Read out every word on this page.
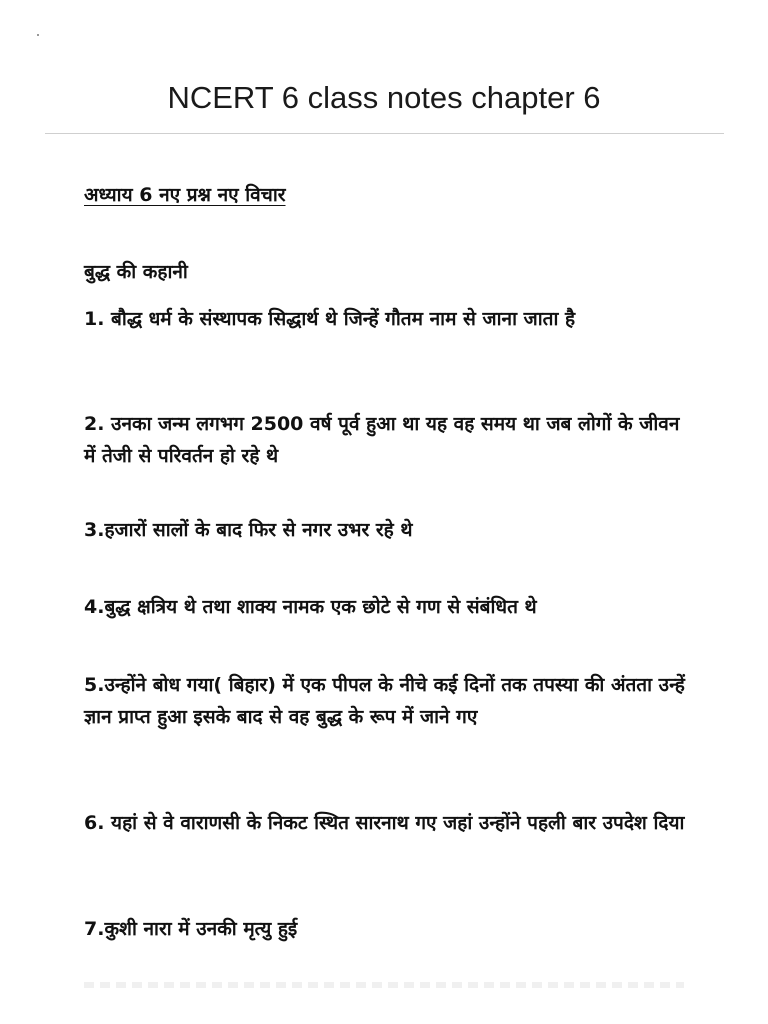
NCERT 6 class notes chapter 6
अध्याय 6 नए प्रश्न नए विचार
बुद्ध की कहानी
1. बौद्ध धर्म के संस्थापक सिद्धार्थ थे जिन्हें गौतम नाम से जाना जाता है
2. उनका जन्म लगभग 2500 वर्ष पूर्व हुआ था यह वह समय था जब लोगों के जीवन में तेजी से परिवर्तन हो रहे थे
3.हजारों सालों के बाद फिर से नगर उभर रहे थे
4.बुद्ध क्षत्रिय थे तथा शाक्य नामक एक छोटे से गण से संबंधित थे
5.उन्होंने बोध गया( बिहार) में एक पीपल के नीचे कई दिनों तक तपस्या की अंतता उन्हें ज्ञान प्राप्त हुआ इसके बाद से वह बुद्ध के रूप में जाने गए
6. यहां से वे वाराणसी के निकट स्थित सारनाथ गए जहां उन्होंने पहली बार उपदेश दिया
7.कुशी नारा में उनकी मृत्यु हुई
